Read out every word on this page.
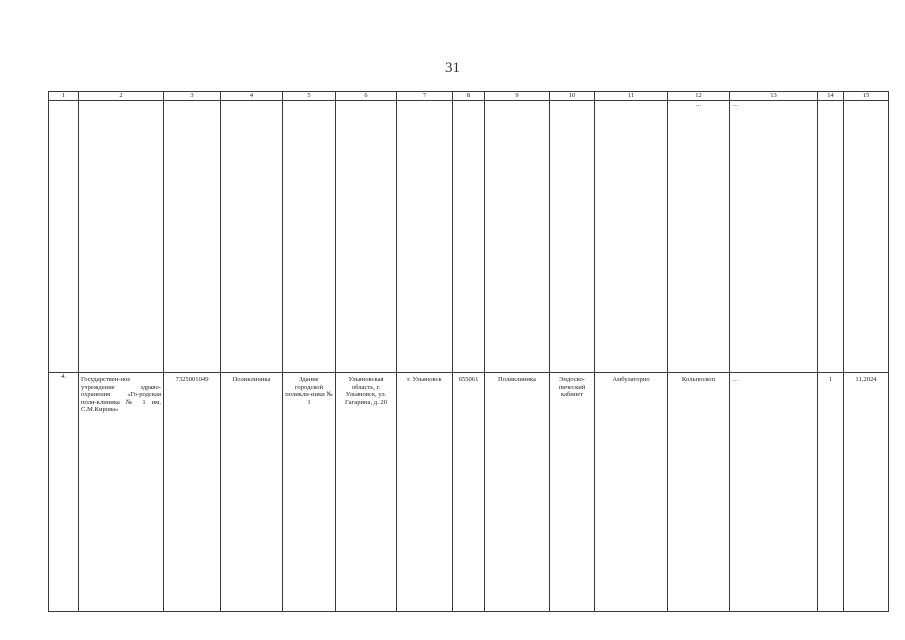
31
1	2	3	4	5	6	7	8	9	10	11	12	13	14	15
											…	…		
4.	Государствен-ное учреждение здраво-охранения «Го-родская поли-клиника № 1 им. С.М.Кирова»	7325001049	Поликлиника	Здание городской поликли-ники № 1	Ульяновская область, г. Ульяновск, ул. Гагарина, д. 20	г. Ульяновск	655061	Поликлиника	Эндоско-пический кабинет	Амбулаторно	Кольпоскоп	…	1	11.2024
